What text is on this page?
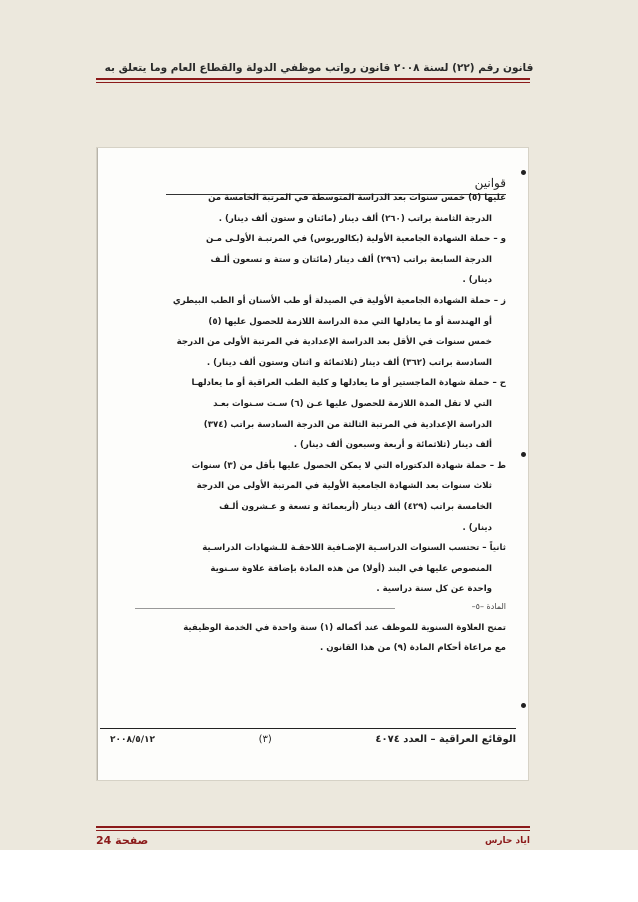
قانون رقم (٢٢) لسنة ٢٠٠٨ قانون رواتب موظفي الدولة والقطاع العام وما يتعلق به
قوانين

عليها (٥) خمس سنوات بعد الدراسة المتوسطة في المرتبة الخامسة من

الدرجة الثامنة براتب (٢٦٠) ألف دينار (مائتان و ستون ألف دينار) .

و – حملة الشهادة الجامعية الأولية (بكالوريوس) في المرتبـة الأولـى مـن

الدرجة السابعة براتب (٢٩٦) ألف دينار (مائتان و ستة و تسعون ألـف

دينار) .

ز – حملة الشهادة الجامعية الأولية في الصيدلة أو طب الأسنان أو الطب البيطري

أو الهندسة أو ما يعادلها التي مدة الدراسة اللازمة للحصول عليها (٥)

خمس سنوات في الأقل بعد الدراسة الإعدادية في المرتبة الأولى من الدرجة

السادسة براتب (٣٦٢) ألف دينار (ثلاثمائة و اثنان وستون ألف دينار) .

ح – حملة شهادة الماجستير أو ما يعادلها و كلية الطب العراقية أو ما يعادلهـا

التي لا تقل المدة اللازمة للحصول عليها عـن (٦) سـت سـنوات بعـد

الدراسة الإعدادية في المرتبة الثالثة من الدرجة السادسة براتب (٣٧٤)

ألف دينار (ثلاثمائة و أربعة وسبعون ألف دينار) .

ط – حملة شهادة الدكتوراه التي لا يمكن الحصول عليها بأقل من (٣) سنوات

ثلاث سنوات بعد الشهادة الجامعية الأولية في المرتبة الأولى من الدرجة

الخامسة براتب (٤٢٩) ألف دينار (أربعمائة و تسعة و عـشرون ألـف

دينار) .

ثانياً – تحتسب السنوات الدراسـية الإضـافية اللاحقـة للـشهادات الدراسـية

المنصوص عليها في البند (أولا) من هذه المادة بإضافة علاوة سـنوية

واحدة عن كل سنة دراسية .

المادة –٥–

تمنح العلاوة السنوية للموظف عند أكماله (١) سنة واحدة في الخدمة الوظيفية

مع مراعاة أحكام المادة (٩) من هذا القانون .

الوقائع العراقية – العدد ٤٠٧٤
(٣)
٢٠٠٨/٥/١٢
صفحة 24	اياد حارس
